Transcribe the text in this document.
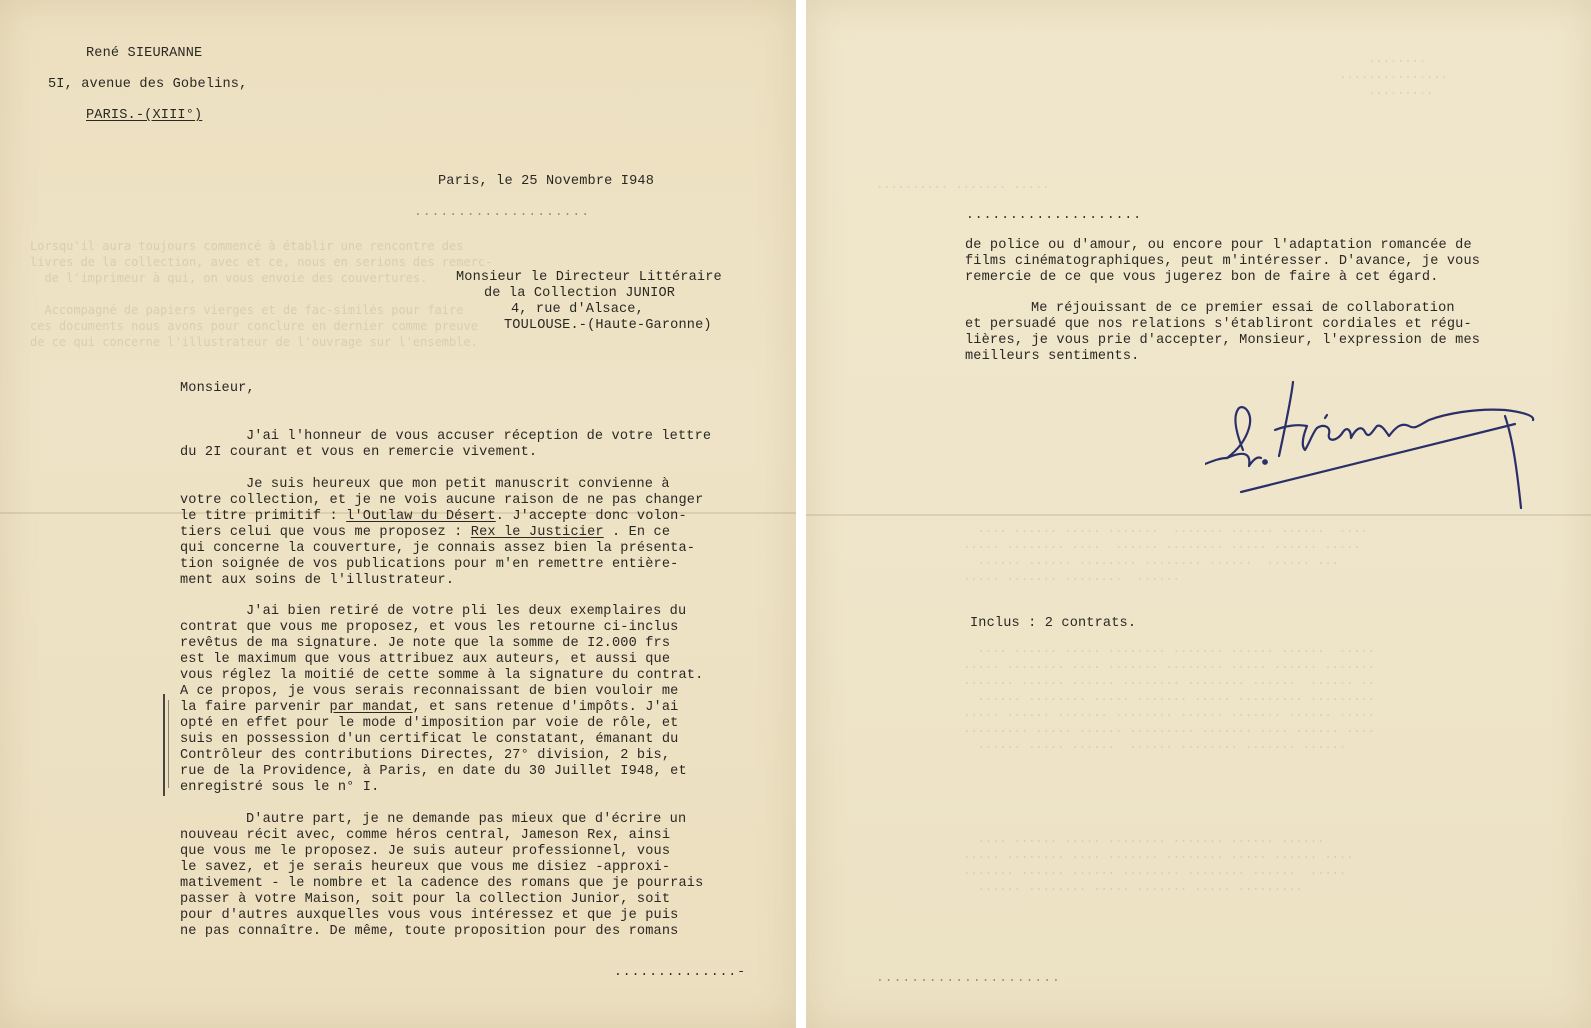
Lorsqu'il aura toujours commencé à établir une rencontre des
livres de la collection, avec et ce, nous en serions des remerc-
de l'imprimeur à qui, on vous envoie des couvertures.

Accompagné de papiers vierges et de fac-similés pour faire
ces documents nous avons pour conclure en dernier comme preuve
de ce qui concerne l'illustrateur de l'ouvrage sur l'ensemble.
René SIEURANNE
5I, avenue des Gobelins,
PARIS.-(XIII°)
Paris, le 25 Novembre I948
....................
Monsieur le Directeur Littéraire
de la Collection JUNIOR
4, rue d'Alsace,
TOULOUSE.-(Haute-Garonne)
Monsieur,
J'ai l'honneur de vous accuser réception de votre lettre
du 2I courant et vous en remercie vivement.
Je suis heureux que mon petit manuscrit convienne à
votre collection, et je ne vois aucune raison de ne pas changer
le titre primitif : l'Outlaw du Désert. J'accepte donc volon-
tiers celui que vous me proposez : Rex le Justicier . En ce
qui concerne la couverture, je connais assez bien la présenta-
tion soignée de vos publications pour m'en remettre entière-
ment aux soins de l'illustrateur.
J'ai bien retiré de votre pli les deux exemplaires du
contrat que vous me proposez, et vous les retourne ci-inclus
revêtus de ma signature. Je note que la somme de I2.000 frs
est le maximum que vous attribuez aux auteurs, et aussi que
vous réglez la moitié de cette somme à la signature du contrat.
A ce propos, je vous serais reconnaissant de bien vouloir me
la faire parvenir par mandat, et sans retenue d'impôts. J'ai
opté en effet pour le mode d'imposition par voie de rôle, et
suis en possession d'un certificat le constatant, émanant du
Contrôleur des contributions Directes, 27° division, 2 bis,
rue de la Providence, à Paris, en date du 30 Juillet I948, et
enregistré sous le n° I.
D'autre part, je ne demande pas mieux que d'écrire un
nouveau récit avec, comme héros central, Jameson Rex, ainsi
que vous me le proposez. Je suis auteur professionnel, vous
le savez, et je serais heureux que vous me disiez -approxi-
mativement - le nombre et la cadence des romans que je pourrais
passer à votre Maison, soit pour la collection Junior, soit
pour d'autres auxquelles vous vous intéressez et que je puis
ne pas connaître. De même, toute proposition pour des romans
..............-
........
...............
.........
.......... ....... .....
.... ...... ..... .......  ....... ...... ......  ....
..... ........ ....  ...... ........ ..... ...... .....
...... ...... ........ ........ ......  ...... ...
..... ....... ........  ......
.... ...... ..... ........ ....... ...... ......  .....
..... ........ .... ....... ........ ..... ...... .......
....... ...... ...... ........ ........ ......  ...... ..
...... ........ ..... ....... ..... ......... .........
..... ...... ....... ........ ...... ....... ...... .....
......... ..... ...... ......... ....... .... ...... ....
...... ..... ......  ...... ........ ....... ......
.... ...... ..... ........ ....... ...... ......
..... ........ .... ....... ........ ..... ...... ....
....... ...... ...... ........ ........ ......  .....
...... ........ ..... ....... ..... .........
....................
de police ou d'amour, ou encore pour l'adaptation romancée de
films cinématographiques, peut m'intéresser. D'avance, je vous
remercie de ce que vous jugerez bon de faire à cet égard.
Me réjouissant de ce premier essai de collaboration
et persuadé que nos relations s'établiront cordiales et régu-
lières, je vous prie d'accepter, Monsieur, l'expression de mes
meilleurs sentiments.
Inclus : 2 contrats.
.....................
